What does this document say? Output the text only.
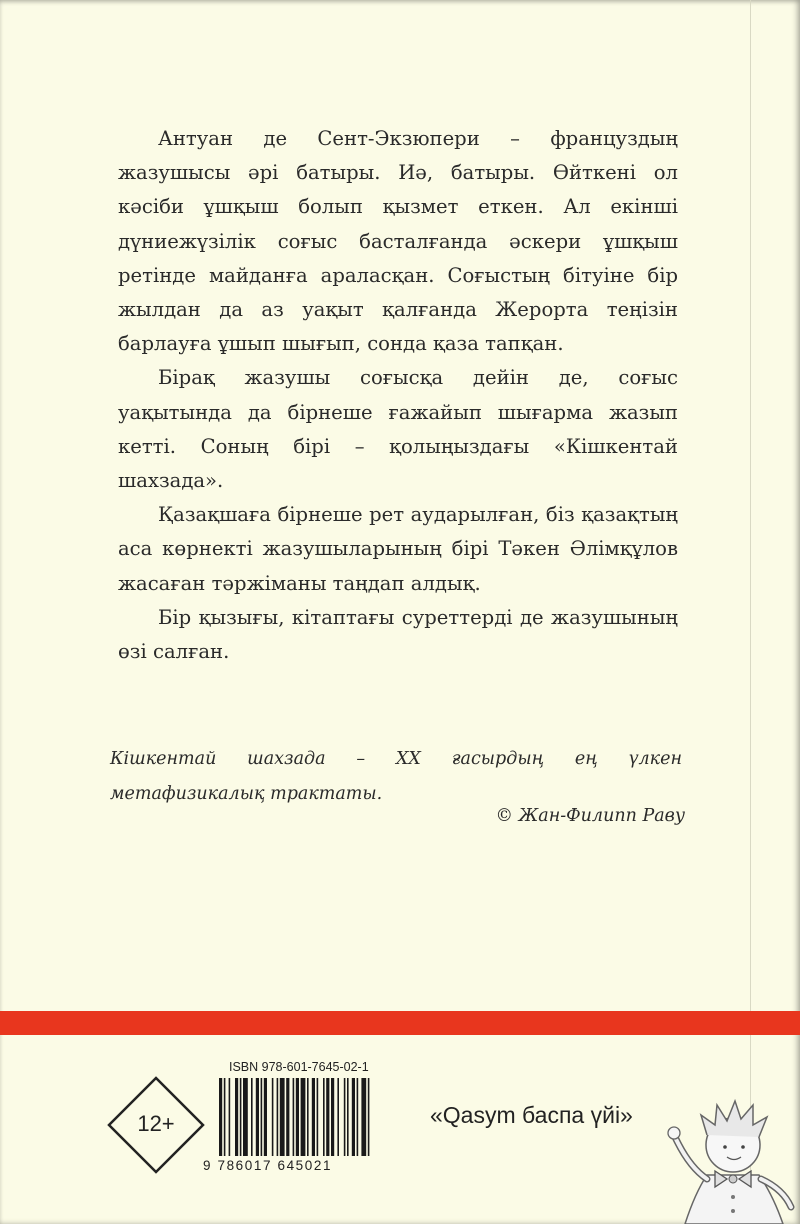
Антуан де Сент-Экзюпери – француздың жазушысы әрі батыры. Иә, батыры. Өйткені ол кәсіби ұшқыш болып қызмет еткен. Ал екінші дүниежүзілік соғыс басталғанда әскери ұшқыш ретінде майданға араласқан. Соғыстың бітуіне бір жылдан да аз уақыт қалғанда Жерорта теңізін барлауға ұшып шығып, сонда қаза тапқан.

Бірақ жазушы соғысқа дейін де, соғыс уақытында да бірнеше ғажайып шығарма жазып кетті. Соның бірі – қолыңыздағы «Кішкентай шахзада».

Қазақшаға бірнеше рет аударылған, біз қазақтың аса көрнекті жазушыларының бірі Тәкен Әлімқұлов жасаған тәржіманы таңдап алдық.

Бір қызығы, кітаптағы суреттерді де жазушының өзі салған.

Кішкентай шахзада – ХХ ғасырдың ең үлкен метафизикалық трактаты.
© Жан-Филипп Раву
12+
ISBN 978-601-7645-02-1
9 786017 645021
«Qasym баспа үйі»
